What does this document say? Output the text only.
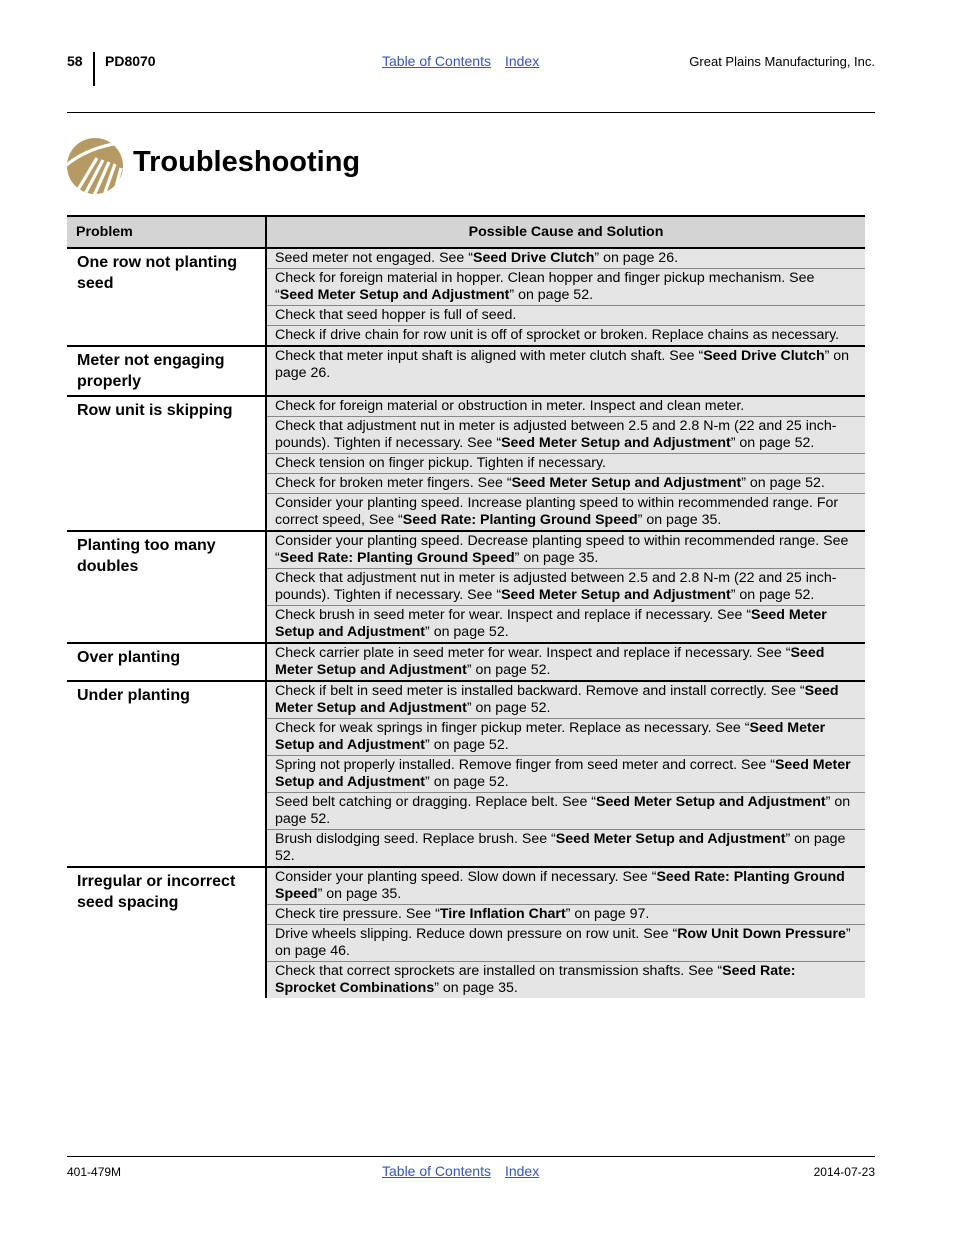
58 PD8070	Table of Contents Index	Great Plains Manufacturing, Inc.
Troubleshooting
Problem	Possible Cause and Solution
One row not planting seed	Seed meter not engaged. See “Seed Drive Clutch” on page 26.
	Check for foreign material in hopper. Clean hopper and finger pickup mechanism. See “Seed Meter Setup and Adjustment” on page 52.
	Check that seed hopper is full of seed.
	Check if drive chain for row unit is off of sprocket or broken. Replace chains as necessary.
Meter not engaging properly	Check that meter input shaft is aligned with meter clutch shaft. See “Seed Drive Clutch” on page 26.
Row unit is skipping	Check for foreign material or obstruction in meter. Inspect and clean meter.
	Check that adjustment nut in meter is adjusted between 2.5 and 2.8 N-m (22 and 25 inch-pounds). Tighten if necessary. See “Seed Meter Setup and Adjustment” on page 52.
	Check tension on finger pickup. Tighten if necessary.
	Check for broken meter fingers. See “Seed Meter Setup and Adjustment” on page 52.
	Consider your planting speed. Increase planting speed to within recommended range. For correct speed, See “Seed Rate: Planting Ground Speed” on page 35.
Planting too many doubles	Consider your planting speed. Decrease planting speed to within recommended range. See “Seed Rate: Planting Ground Speed” on page 35.
	Check that adjustment nut in meter is adjusted between 2.5 and 2.8 N-m (22 and 25 inch-pounds). Tighten if necessary. See “Seed Meter Setup and Adjustment” on page 52.
	Check brush in seed meter for wear. Inspect and replace if necessary. See “Seed Meter Setup and Adjustment” on page 52.
Over planting	Check carrier plate in seed meter for wear. Inspect and replace if necessary. See “Seed Meter Setup and Adjustment” on page 52.
Under planting	Check if belt in seed meter is installed backward. Remove and install correctly. See “Seed Meter Setup and Adjustment” on page 52.
	Check for weak springs in finger pickup meter. Replace as necessary. See “Seed Meter Setup and Adjustment” on page 52.
	Spring not properly installed. Remove finger from seed meter and correct. See “Seed Meter Setup and Adjustment” on page 52.
	Seed belt catching or dragging. Replace belt. See “Seed Meter Setup and Adjustment” on page 52.
	Brush dislodging seed. Replace brush. See “Seed Meter Setup and Adjustment” on page 52.
Irregular or incorrect seed spacing	Consider your planting speed. Slow down if necessary. See “Seed Rate: Planting Ground Speed” on page 35.
	Check tire pressure. See “Tire Inflation Chart” on page 97.
	Drive wheels slipping. Reduce down pressure on row unit. See “Row Unit Down Pressure” on page 46.
	Check that correct sprockets are installed on transmission shafts. See “Seed Rate: Sprocket Combinations” on page 35.
401-479M	Table of Contents Index	2014-07-23
